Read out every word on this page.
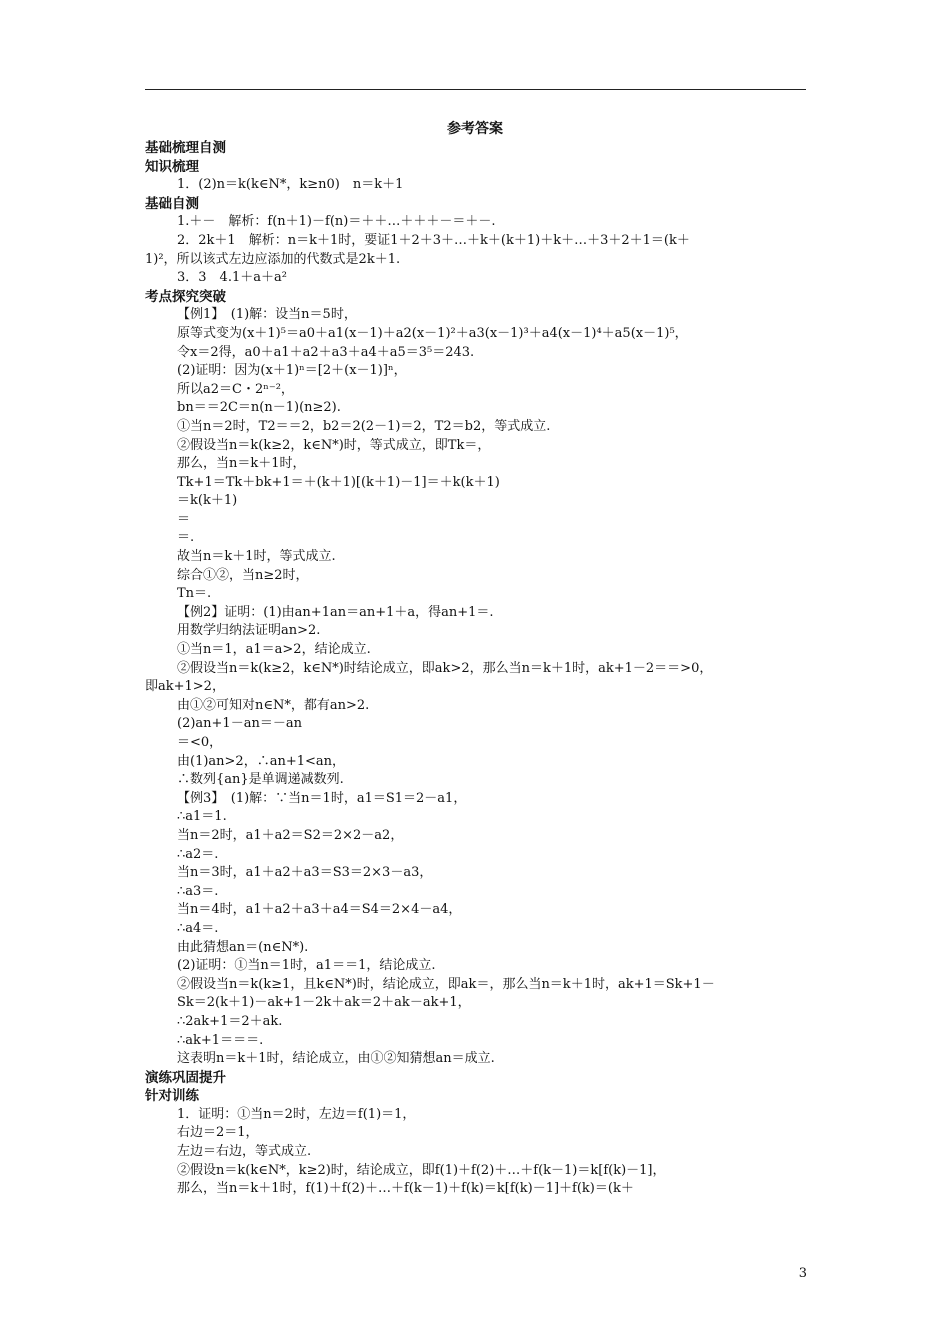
参考答案
基础梳理自测
知识梳理
1．(2)n＝k(k∈N*，k≥n0)　n＝k＋1
基础自测
1.＋－　解析：f(n＋1)－f(n)＝＋＋…＋＋＋－＝＋－.
2．2k＋1　解析：n＝k＋1时，要证1＋2＋3＋…＋k＋(k＋1)＋k＋…＋3＋2＋1＝(k＋
1)²，所以该式左边应添加的代数式是2k＋1.
3．3　4.1＋a＋a²
考点探究突破
【例1】　(1)解：设当n＝5时，
原等式变为(x＋1)⁵＝a0＋a1(x－1)＋a2(x－1)²＋a3(x－1)³＋a4(x－1)⁴＋a5(x－1)⁵，
令x＝2得，a0＋a1＋a2＋a3＋a4＋a5＝3⁵＝243.
(2)证明：因为(x＋1)ⁿ＝[2＋(x－1)]ⁿ，
所以a2＝C・2ⁿ⁻²，
bn＝＝2C＝n(n－1)(n≥2).
①当n＝2时，T2＝＝2，b2＝2(2－1)＝2，T2＝b2，等式成立.
②假设当n＝k(k≥2，k∈N*)时，等式成立，即Tk＝，
那么，当n＝k＋1时，
Tk+1＝Tk＋bk+1＝＋(k＋1)[(k＋1)－1]＝＋k(k＋1)
＝k(k＋1)
＝
＝.
故当n＝k＋1时，等式成立.
综合①②，当n≥2时，
Tn＝.
【例2】证明：(1)由an+1an＝an+1＋a，得an+1＝.
用数学归纳法证明an>2.
①当n＝1，a1＝a>2，结论成立.
②假设当n＝k(k≥2，k∈N*)时结论成立，即ak>2，那么当n＝k＋1时，ak+1－2＝＝>0，
即ak+1>2，
由①②可知对n∈N*，都有an>2.
(2)an+1－an＝－an
＝<0，
由(1)an>2，∴an+1<an，
∴数列{an}是单调递减数列.
【例3】　(1)解：∵当n＝1时，a1＝S1＝2－a1，
∴a1＝1.
当n＝2时，a1＋a2＝S2＝2×2－a2，
∴a2＝.
当n＝3时，a1＋a2＋a3＝S3＝2×3－a3，
∴a3＝.
当n＝4时，a1＋a2＋a3＋a4＝S4＝2×4－a4，
∴a4＝.
由此猜想an＝(n∈N*).
(2)证明：①当n＝1时，a1＝＝1，结论成立.
②假设当n＝k(k≥1，且k∈N*)时，结论成立，即ak＝，那么当n＝k＋1时，ak+1＝Sk+1－
Sk＝2(k＋1)－ak+1－2k＋ak＝2＋ak－ak+1，
∴2ak+1＝2＋ak.
∴ak+1＝＝＝.
这表明n＝k＋1时，结论成立，由①②知猜想an＝成立.
演练巩固提升
针对训练
1．证明：①当n＝2时，左边＝f(1)＝1，
右边＝2＝1，
左边＝右边，等式成立.
②假设n＝k(k∈N*，k≥2)时，结论成立，即f(1)＋f(2)＋…＋f(k－1)＝k[f(k)－1]，
那么，当n＝k＋1时，f(1)＋f(2)＋…＋f(k－1)＋f(k)＝k[f(k)－1]＋f(k)＝(k＋
3
